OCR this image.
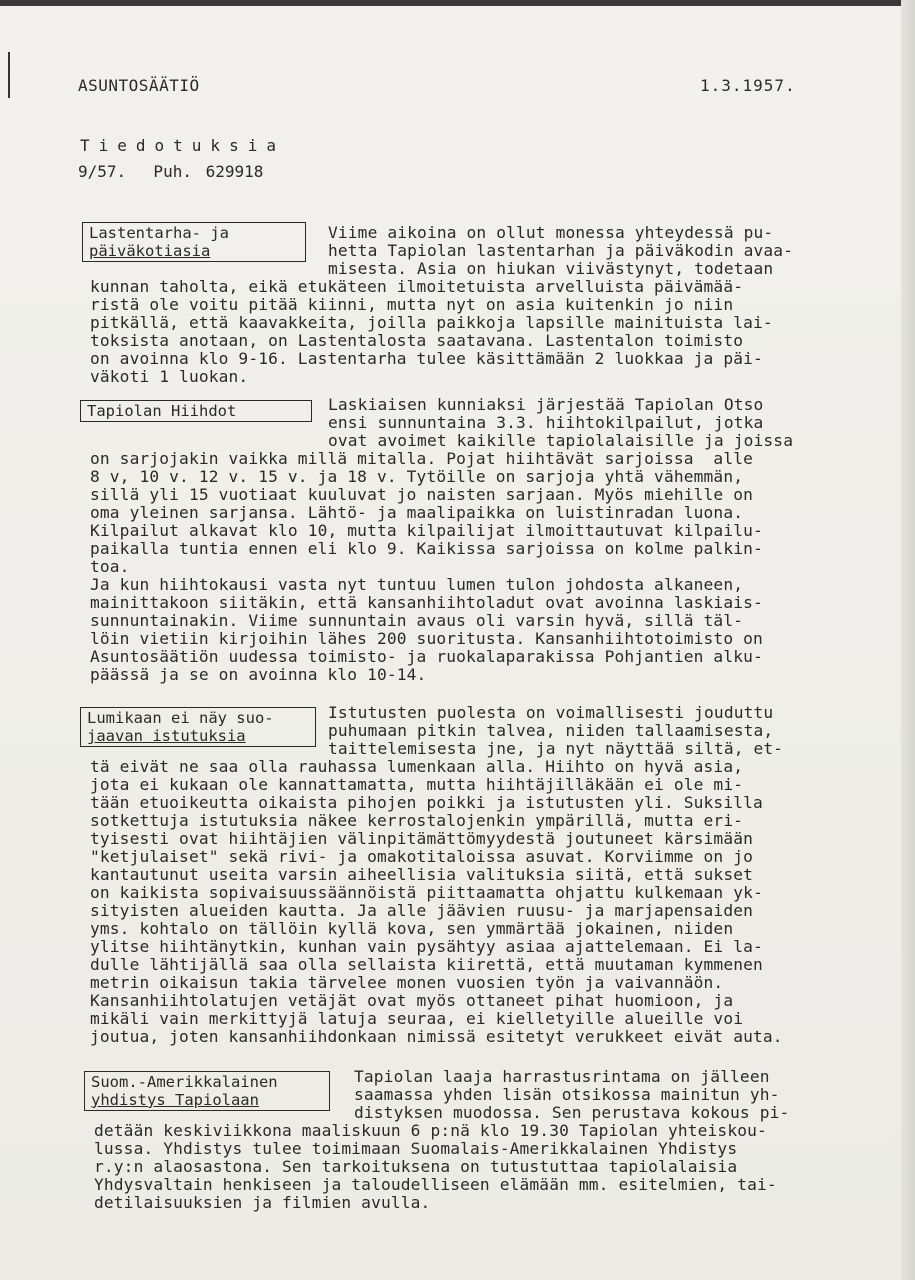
ASUNTOSÄÄTIÖ	1.3.1957.
Tiedotuksia
9/57.  Puh. 629918
Lastentarha- ja
päiväkotiasia
Viime aikoina on ollut monessa yhteydessä pu-
hetta Tapiolan lastentarhan ja päiväkodin avaa-
misesta. Asia on hiukan viivästynyt, todetaan
kunnan taholta, eikä etukäteen ilmoitetuista arvelluista päivämää-
ristä ole voitu pitää kiinni, mutta nyt on asia kuitenkin jo niin
pitkällä, että kaavakkeita, joilla paikkoja lapsille mainituista lai-
toksista anotaan, on Lastentalosta saatavana. Lastentalon toimisto
on avoinna klo 9-16. Lastentarha tulee käsittämään 2 luokkaa ja päi-
väkoti 1 luokan.
Tapiolan Hiihdot	Laskiaisen kunniaksi järjestää Tapiolan Otso
ensi sunnuntaina 3.3. hiihtokilpailut, jotka
ovat avoimet kaikille tapiolalaisille ja joissa
on sarjojakin vaikka millä mitalla. Pojat hiihtävät sarjoissa  alle
8 v, 10 v. 12 v. 15 v. ja 18 v. Tytöille on sarjoja yhtä vähemmän,
sillä yli 15 vuotiaat kuuluvat jo naisten sarjaan. Myös miehille on
oma yleinen sarjansa. Lähtö- ja maalipaikka on luistinradan luona.
Kilpailut alkavat klo 10, mutta kilpailijat ilmoittautuvat kilpailu-
paikalla tuntia ennen eli klo 9. Kaikissa sarjoissa on kolme palkin-
toa.
Ja kun hiihtokausi vasta nyt tuntuu lumen tulon johdosta alkaneen,
mainittakoon siitäkin, että kansanhiihtoladut ovat avoinna laskiais-
sunnuntainakin. Viime sunnuntain avaus oli varsin hyvä, sillä täl-
löin vietiin kirjoihin lähes 200 suoritusta. Kansanhiihtotoimisto on
Asuntosäätiön uudessa toimisto- ja ruokalaparakissa Pohjantien alku-
päässä ja se on avoinna klo 10-14.
Lumikaan ei näy suo-
jaavan istutuksia
Istutusten puolesta on voimallisesti jouduttu
puhumaan pitkin talvea, niiden tallaamisesta,
taittelemisesta jne, ja nyt näyttää siltä, et-
tä eivät ne saa olla rauhassa lumenkaan alla. Hiihto on hyvä asia,
jota ei kukaan ole kannattamatta, mutta hiihtäjilläkään ei ole mi-
tään etuoikeutta oikaista pihojen poikki ja istutusten yli. Suksilla
sotkettuja istutuksia näkee kerrostalojenkin ympärillä, mutta eri-
tyisesti ovat hiihtäjien välinpitämättömyydestä joutuneet kärsimään
"ketjulaiset" sekä rivi- ja omakotitaloissa asuvat. Korviimme on jo
kantautunut useita varsin aiheellisia valituksia siitä, että sukset
on kaikista sopivaisuussäännöistä piittaamatta ohjattu kulkemaan yk-
sityisten alueiden kautta. Ja alle jäävien ruusu- ja marjapensaiden
yms. kohtalo on tällöin kyllä kova, sen ymmärtää jokainen, niiden
ylitse hiihtänytkin, kunhan vain pysähtyy asiaa ajattelemaan. Ei la-
dulle lähtijällä saa olla sellaista kiirettä, että muutaman kymmenen
metrin oikaisun takia tärvelee monen vuosien työn ja vaivannäön.
Kansanhiihtolatujen vetäjät ovat myös ottaneet pihat huomioon, ja
mikäli vain merkittyjä latuja seuraa, ei kielletyille alueille voi
joutua, joten kansanhiihdonkaan nimissä esitetyt verukkeet eivät auta.
Suom.-Amerikkalainen
yhdistys Tapiolaan
Tapiolan laaja harrastusrintama on jälleen
saamassa yhden lisän otsikossa mainitun yh-
distyksen muodossa. Sen perustava kokous pi-
detään keskiviikkona maaliskuun 6 p:nä klo 19.30 Tapiolan yhteiskou-
lussa. Yhdistys tulee toimimaan Suomalais-Amerikkalainen Yhdistys
r.y:n alaosastona. Sen tarkoituksena on tutustuttaa tapiolalaisia
Yhdysvaltain henkiseen ja taloudelliseen elämään mm. esitelmien, tai-
detilaisuuksien ja filmien avulla.
